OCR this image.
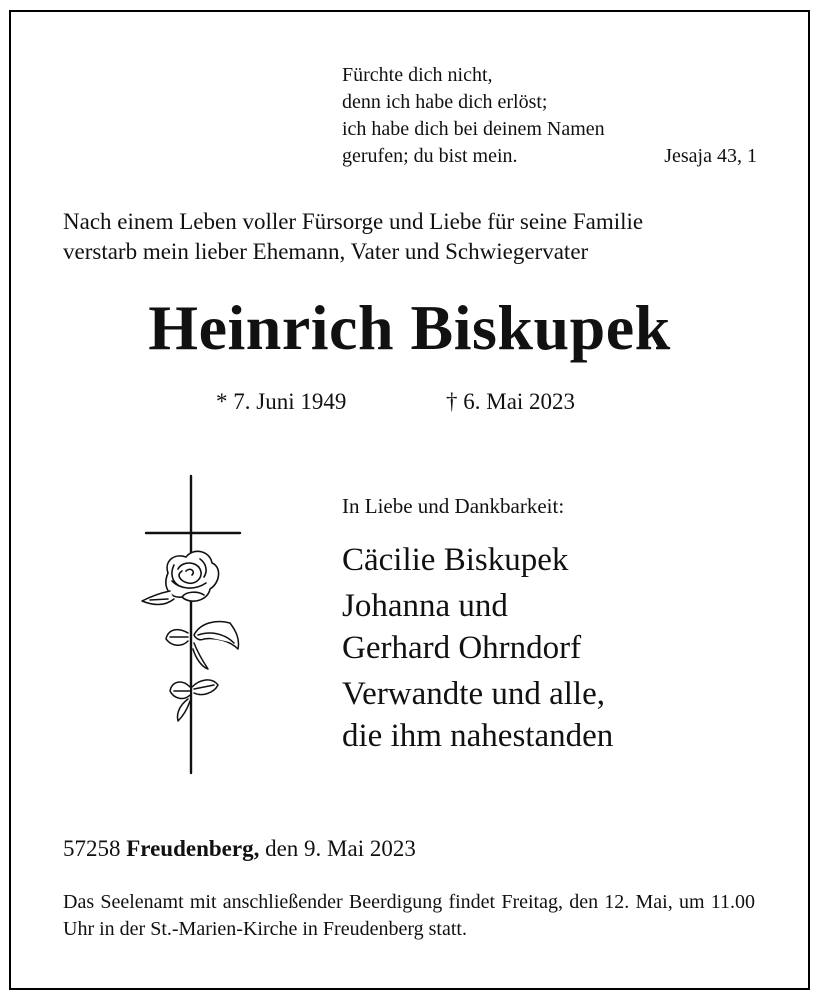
Fürchte dich nicht,
denn ich habe dich erlöst;
ich habe dich bei deinem Namen
gerufen; du bist mein.	Jesaja 43, 1
Nach einem Leben voller Fürsorge und Liebe für seine Familie
verstarb mein lieber Ehemann, Vater und Schwiegervater
Heinrich Biskupek
* 7. Juni 1949	† 6. Mai 2023
In Liebe und Dankbarkeit:
Cäcilie Biskupek
Johanna und
Gerhard Ohrndorf
Verwandte und alle,
die ihm nahestanden
57258 Freudenberg, den 9. Mai 2023
Das Seelenamt mit anschließender Beerdigung findet Freitag, den 12. Mai, um 11.00 Uhr in der St.-Marien-Kirche in Freudenberg statt.
